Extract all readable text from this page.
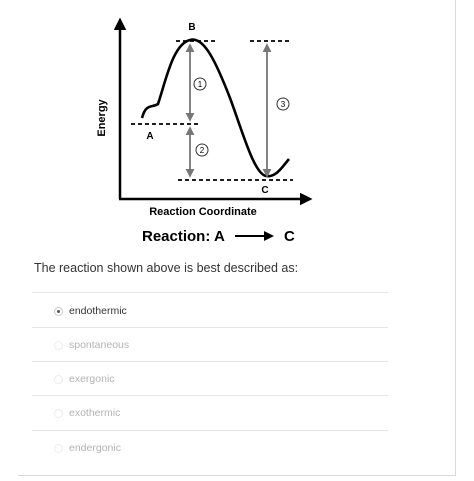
1
2
3
B
A
C
Energy
Reaction Coordinate
Reaction: A	C
The reaction shown above is best described as:
endothermic
spontaneous
exergonic
exothermic
endergonic
